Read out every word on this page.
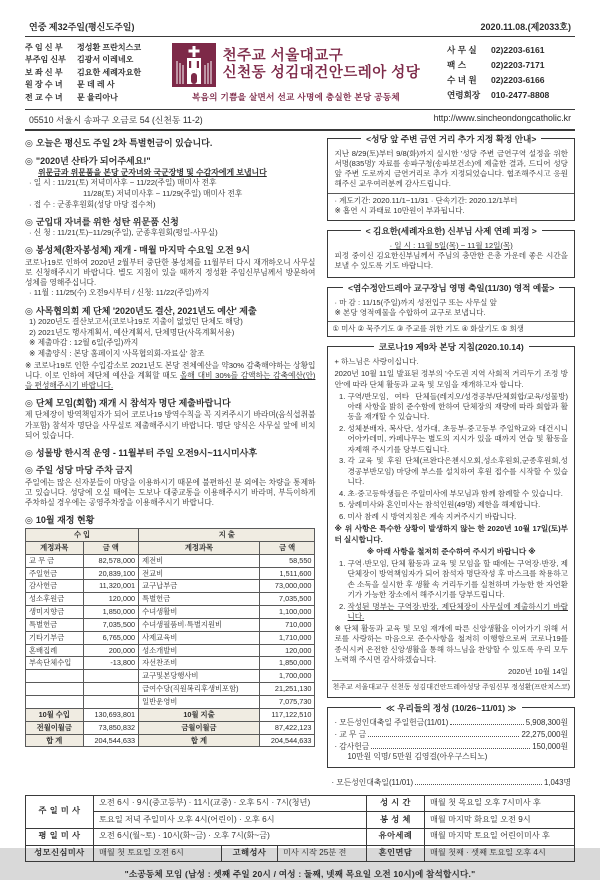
연중 제32주일(평신도주일)	2020.11.08.(제2033호)
주 임 신 부 정성환 프란치스코
부주임 신부 김광서 이레네오
보 좌 신 부 김요한 세례자요한
원 장 수 녀 문 데 레 사
전 교 수 녀 문 율리아나
천주교 서울대교구
신천동 성김대건안드레아 성당
복음의 기쁨을 살면서 선교 사명에 충실한 본당 공동체
사 무 실 02)2203-6161
팩 스	02)2203-7171
수 녀 원 02)2203-6166
연령회장 010-2477-8808
05510 서울시 송파구 오금로 54 (신천동 11-2)	http://www.sincheondongcatholic.kr
◎ 오늘은 평신도 주일 2차 특별헌금이 있습니다.
◎ "2020년 산타가 되어주세요!"
위문금과 위문품을 본당 군자녀와 국군장병 및 수감자에게 보냅니다
· 일 시 : 11/21(토) 저녁미사후 ~ 11/22(주일) 매미사 전후
11/28(토) 저녁미사후 ~ 11/29(주일) 매미사 전후
· 접 수 : 군종후원회(성당 마당 접수처)
◎ 군입대 자녀를 위한 성탄 위문품 신청
· 신 청 : 11/21(토)~11/29(주일), 군종후원회(평일-사무실)
◎ 봉성체(환자봉성체) 재개 - 매월 마지막 수요일 오전 9시
코로나19로 인하여 2020년 2월부터 중단한 봉성체를 11월부터 다시 재개하오니 사무실로 신청해주시기 바랍니다. 별도 지침이 있을 때까지 정성환 주임신부님께서 방문하여 성체를 영해주십니다.
· 11월 : 11/25(수) 오전9시부터 / 신청: 11/22(주일)까지
◎ 사목협의회 제 단체 '2020년도 결산, 2021년도 예산' 제출
1) 2020년도 결산보고서(코로나19로 지출이 없었던 단체도 해당)
2) 2021년도 행사계획서, 예산계획서, 단체명단(사목계획서용)
※ 제출마감 : 12월 6일(주일)까지
※ 제출양식 : 본당 홈페이지 '사목협의회-자료실' 참조
※ 코로나19로 인한 수입감소로 2021년도 본당 전체예산을 약30% 감축해야하는 상황입니다. 이로 인하여 제단체 예산을 계획할 때도 올해 대비 30%를 감액하는 감축예산(안)을 편성해주시기 바랍니다.
◎ 단체 모임(회합) 재개 시 참석자 명단 제출바랍니다
제 단체장이 방역책임자가 되어 코로나19 방역수칙을 꼭 지켜주시기 바라며(음식섭취불가포함) 참석자 명단을 사무실로 제출해주시기 바랍니다. 명단 양식은 사무실 앞에 비치되어 있습니다.
◎ 성물방 한시적 운영 - 11월부터 주일 오전9시~11시미사후
◎ 주일 성당 마당 주차 금지
주일에는 많은 신자분들이 마당을 이용하시기 때문에 불편하신 분 외에는 차량을 통제하고 있습니다. 성당에 오실 때에는 도보나 대중교통을 이용해주시기 바라며, 부득이하게 주차하실 경우에는 공영주차장을 이용해주시기 바랍니다.
◎ 10월 재정 현황
수 입		지 출	
계정과목	금 액	계정과목	금 액
교 무 금	82,578,000	제전비	58,550
주일헌금	20,839,100	전교비	1,511,600
감사헌금	11,320,001	교구납부금	73,000,000
성소후원금	120,000	특별헌금	7,035,500
생미지향금	1,850,000	수녀생활비	1,100,000
특별헌금	7,035,500	수녀생필품비·특별지원비	710,000
기타기부금	6,765,000	사제교육비	1,710,000
혼배집례	200,000	성소개발비	120,000
부속단체수입	-13,800	자선찬조비	1,850,000
		교구및본당행사비	1,700,000
		급여수당(직원복리후생비포함)	21,251,130
		일반운영비	7,075,730
10월 수입	130,693,801	10월 지출	117,122,510
전월이월금	73,850,832	금월이월금	87,422,123
합 계	204,544,633	합 계	204,544,633
<성당 앞 주변 금연 거리 추가 지정 확정 안내>

지난 8/29(토)부터 9/8(화)까지 실시한 '성당 주변 금연구역 설정을 위한 서명(835명)' 자료를 송파구청(송파보건소)에 제출한 결과, 드디어 성당 앞 주변 도로까지 금연거리로 추가 지정되었습니다. 협조해주시고 응원해주신 교우여러분께 감사드립니다.

· 계도기간: 2020.11/1~11/31 · 단속기간: 2020.12/1부터
※ 흡연 시 과태료 10만원이 부과됩니다.
< 김요한(세례자요한) 신부님 사제 연례 피정 >
· 일 시 : 11월 5일(목) ~ 11월 12일(목)

피정 중이신 김요한신부님께서 주님의 충만한 은총 가운데 좋은 시간을 보낼 수 있도록 기도 바랍니다.

<염수정안드레아 교구장님 영명 축일(11/30) 영적 예물>
· 마 감 : 11/15(주일)까지 성전입구 또는 사무실 앞
※ 본당 영적예물을 수합하여 교구로 보냅니다.
① 미사 ② 묵주기도 ③ 주교를 위한 기도 ④ 화살기도 ⑤ 희생
코로나19 제9차 본당 지침(2020.10.14)

+ 하느님은 사랑이십니다.

2020년 10월 11일 발표된 정부의 '수도권 지역 사회적 거리두기 조정 방안'에 따라 단체 활동과 교육 및 모임을 재개하고자 합니다.

1. 구역/반모임, 여타 단체들(레지오/성경공부/단체회합/교육/성물방) 아래 사항을 밝히 준수함에 한하여 단체장의 재량에 따라 회합과 활동을 재개할 수 있습니다.
2. 성체분배자, 복사단, 성가대, 초등부·중고등부 주일학교와 대건시니어아카데미, 카페나무는 별도의 지시가 있을 때까지 연습 및 활동을 자제해 주시기를 당부드립니다.
3. 각 교육 및 후원 단체(르완다은첸시오회,성소후원회,군종후원회,성경공부반모임) 마당에 부스를 설치하여 후원 접수를 시작할 수 있습니다.
4. 초·중고등학생들은 주일미사에 부모님과 함께 참례할 수 있습니다.
5. 상례미사와 혼인미사는 참석인원(49명) 제한을 해제합니다.
6. 미사 참례 시 방역지침은 계속 지켜주시기 바랍니다.

※ 위 사항은 특수한 상황이 발생하지 않는 한 2020년 10월 17일(토)부터 실시합니다.

※ 아래 사항을 철저히 준수하여 주시기 바랍니다 ※

1. 구역·반모임, 단체 활동과 교육 및 모임을 할 때에는 구역장·반장, 제 단체장이 방역책임자가 되어 참석자 명단작성 후 마스크를 착용하고 손 소독을 실시한 후 생활 속 거리두기를 실천하며 가능한 한 자연환기가 가능한 장소에서 해주시기를 당부드립니다.
2. 작성된 명부는 구역장·반장, 제단체장이 사무실에 제출하시기 바랍니다.

※ 단체 활동과 교육 및 모임 재개에 따른 신앙생활을 이어가기 위해 서로를 사랑하는 마음으로 준수사항을 철저히 이행함으로써 코로나19를 종식시켜 온전한 신앙생활을 통해 하느님을 찬양할 수 있도록 우리 모두 노력해 주시면 감사하겠습니다.

2020년 10월 14일

천주교 서울대교구 신천동 성김대건안드레아성당 주임신부 정성환(프란치스코)
≪ 우리들의 정성 (10/26~11/01) ≫
· 모든성인대축일 주일헌금(11/01)	5,908,300원
· 교 무 금	22,275,000원
· 감사헌금	150,000원
10만원 익명/ 5만원 김영걸(아우구스티노)
· 모든성인대축일(11/01)	1,043명
주 일 미 사	오전 6시 · 9시(중고등부) · 11시(교중) · 오후 5시 · 7시(청년)			성 시 간	매월 첫 목요일 오후 7시미사 후
	토요일 저녁 주일미사 오후 4시(어린이) · 오후 6시			봉 성 체	매월 마지막 화요일 오전 9시
평 일 미 사	오전 6시(월~토) · 10시(화~금) · 오후 7시(화~금)			유아세례	매월 마지막 토요일 어린이미사 후
성모신심미사	매월 첫 토요일 오전 6시	고해성사	미사 시작 25분 전	혼인면담	매월 첫째 · 셋째 토요일 오후 4시
"소공동체 모임 (남성 : 셋째 주일 20시 / 여성 : 둘째, 넷째 목요일 오전 10시)에 참석합시다."
